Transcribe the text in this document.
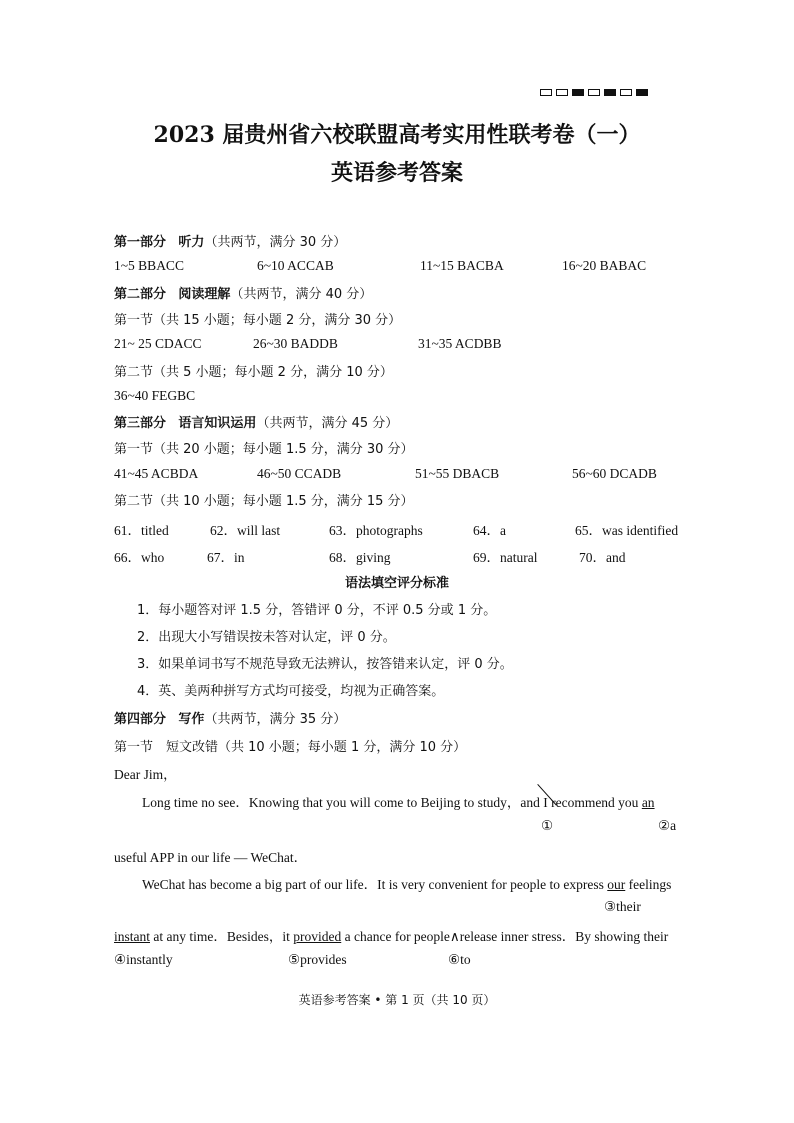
2023 届贵州省六校联盟高考实用性联考卷（一）
英语参考答案
第一部分 听力（共两节，满分 30 分）
1~5 BBACC	6~10 ACCAB	11~15 BACBA	16~20 BABAC
第二部分 阅读理解（共两节，满分 40 分）
第一节（共 15 小题；每小题 2 分，满分 30 分）
21~ 25 CDACC	26~30 BADDB	31~35 ACDBB
第二节（共 5 小题；每小题 2 分，满分 10 分）
36~40 FEGBC
第三部分 语言知识运用（共两节，满分 45 分）
第一节（共 20 小题；每小题 1.5 分，满分 30 分）
41~45 ACBDA	46~50 CCADB	51~55 DBACB	56~60 DCADB
第二节（共 10 小题；每小题 1.5 分，满分 15 分）
61．titled	62．will last	63．photographs	64．a	65．was identified
66．who	67．in	68．giving	69．natural	70．and
语法填空评分标准
1．每小题答对评 1.5 分，答错评 0 分，不评 0.5 分或 1 分。
2．出现大小写错误按未答对认定，评 0 分。
3．如果单词书写不规范导致无法辨认，按答错来认定，评 0 分。
4．英、美两种拼写方式均可接受，均视为正确答案。
第四部分 写作（共两节，满分 35 分）
第一节　短文改错（共 10 小题；每小题 1 分，满分 10 分）
Dear Jim，
Long time no see．Knowing that you will come to Beijing to study，and I recommend you an
①	②a
useful APP in our life — WeChat．
WeChat has become a big part of our life．It is very convenient for people to express our feelings
③their
instant at any time．Besides，it provided a chance for people∧release inner stress．By showing their
④instantly	⑤provides	⑥to
英语参考答案 • 第 1 页（共 10 页）
